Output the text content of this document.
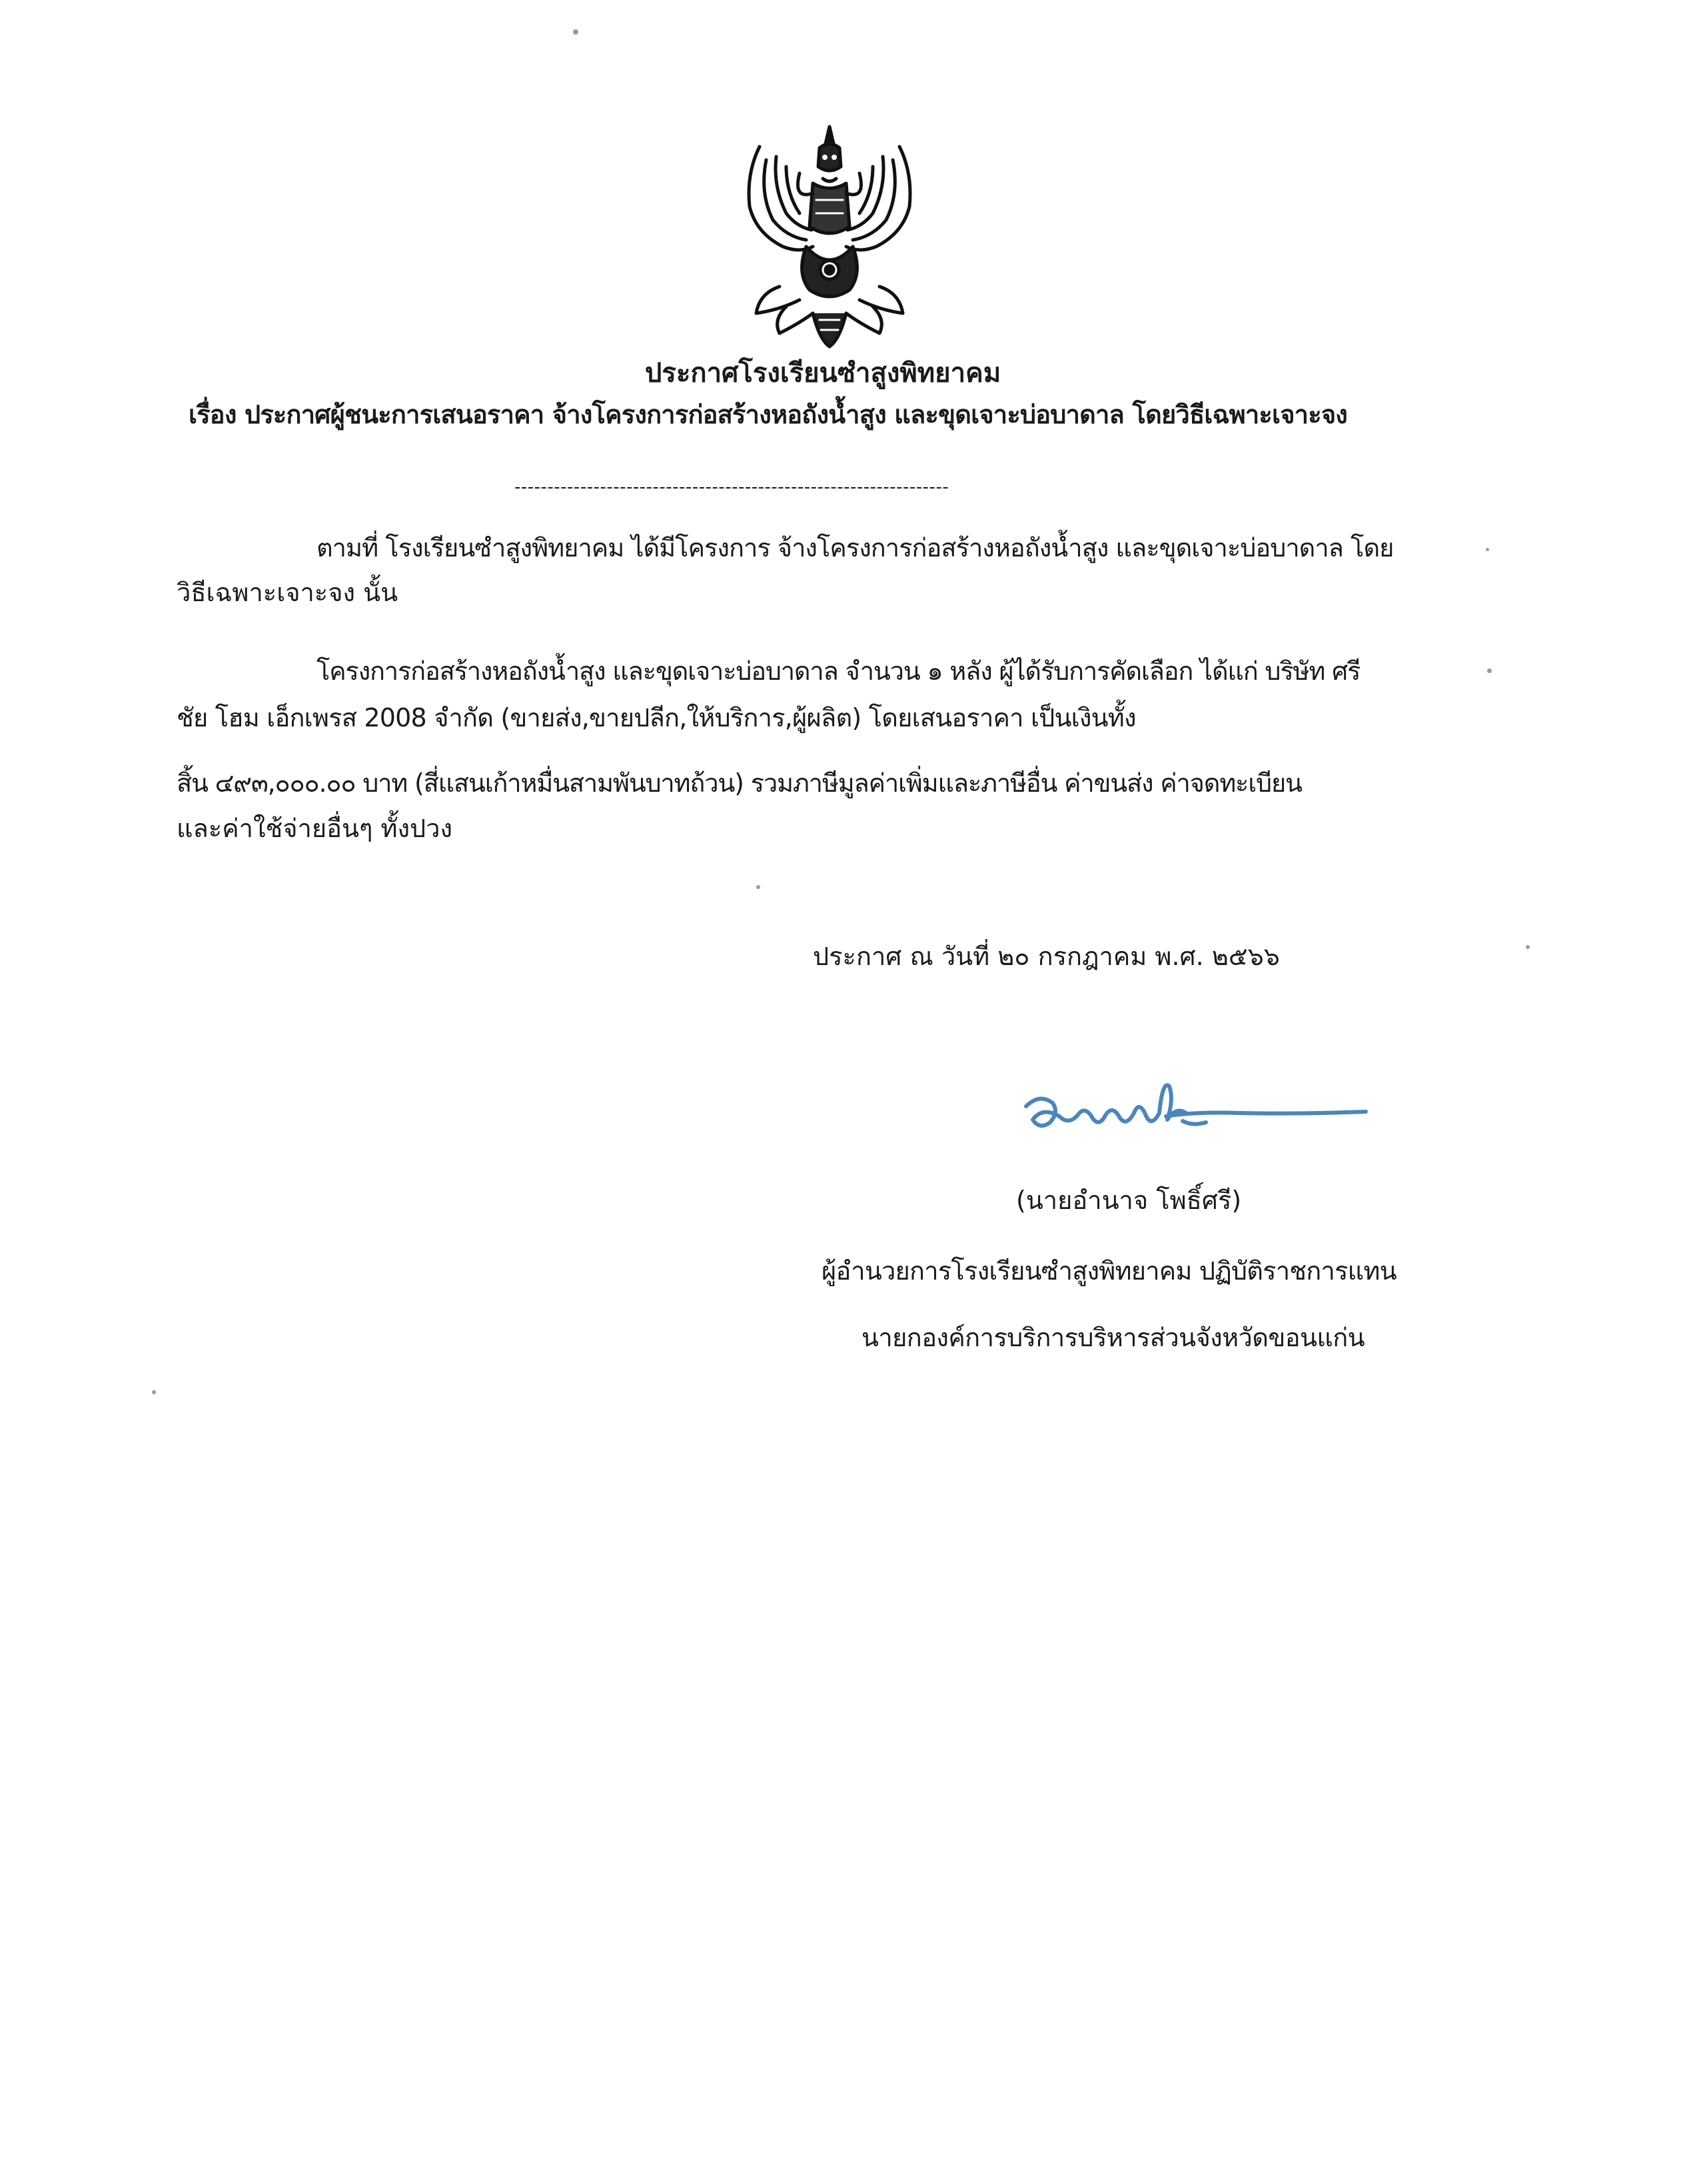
ประกาศโรงเรียนซำสูงพิทยาคม
เรื่อง ประกาศผู้ชนะการเสนอราคา จ้างโครงการก่อสร้างหอถังน้ำสูง และขุดเจาะบ่อบาดาล โดยวิธีเฉพาะเจาะจง
------------------------------------------------------------------
ตามที่ โรงเรียนซำสูงพิทยาคม ได้มีโครงการ จ้างโครงการก่อสร้างหอถังน้ำสูง และขุดเจาะบ่อบาดาล โดย
วิธีเฉพาะเจาะจง นั้น
โครงการก่อสร้างหอถังน้ำสูง และขุดเจาะบ่อบาดาล จำนวน ๑ หลัง ผู้ได้รับการคัดเลือก ได้แก่ บริษัท ศรี
ชัย โฮม เอ็กเพรส 2008 จำกัด (ขายส่ง,ขายปลีก,ให้บริการ,ผู้ผลิต) โดยเสนอราคา เป็นเงินทั้ง
สิ้น ๔๙๓,๐๐๐.๐๐ บาท (สี่แสนเก้าหมื่นสามพันบาทถ้วน) รวมภาษีมูลค่าเพิ่มและภาษีอื่น ค่าขนส่ง ค่าจดทะเบียน
และค่าใช้จ่ายอื่นๆ ทั้งปวง
ประกาศ ณ วันที่ ๒๐ กรกฎาคม พ.ศ. ๒๕๖๖
(นายอำนาจ โพธิ์ศรี)
ผู้อำนวยการโรงเรียนซำสูงพิทยาคม ปฏิบัติราชการแทน
นายกองค์การบริการบริหารส่วนจังหวัดขอนแก่น
